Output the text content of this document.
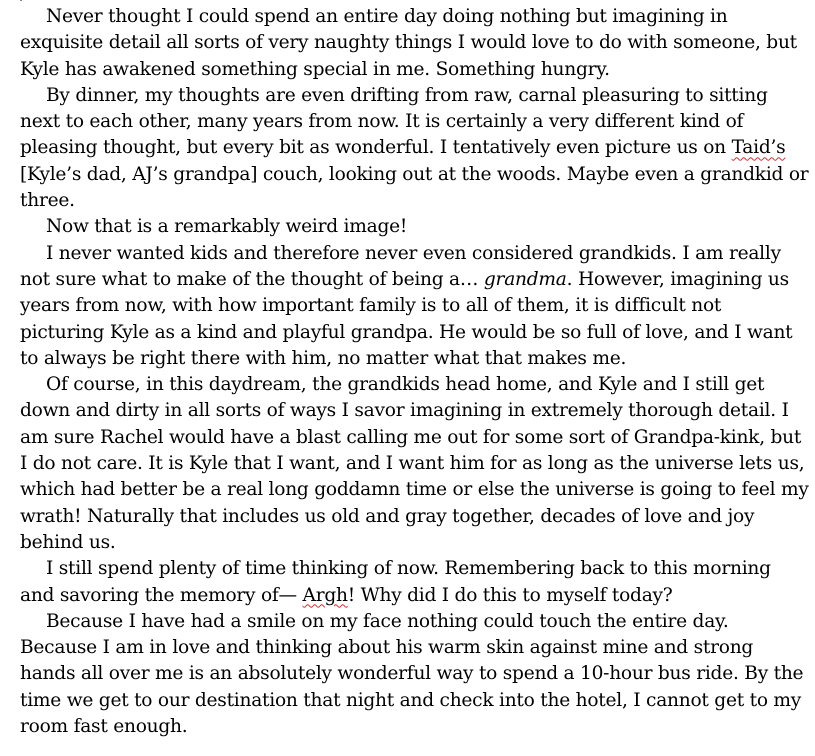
Never thought I could spend an entire day doing nothing but imagining in exquisite detail all sorts of very naughty things I would love to do with someone, but Kyle has awakened something special in me. Something hungry.

By dinner, my thoughts are even drifting from raw, carnal pleasuring to sitting next to each other, many years from now. It is certainly a very different kind of pleasing thought, but every bit as wonderful. I tentatively even picture us on Taid’s [Kyle’s dad, AJ’s grandpa] couch, looking out at the woods. Maybe even a grandkid or three.

Now that is a remarkably weird image!

I never wanted kids and therefore never even considered grandkids. I am really not sure what to make of the thought of being a… grandma. However, imagining us years from now, with how important family is to all of them, it is difficult not picturing Kyle as a kind and playful grandpa. He would be so full of love, and I want to always be right there with him, no matter what that makes me.

Of course, in this daydream, the grandkids head home, and Kyle and I still get down and dirty in all sorts of ways I savor imagining in extremely thorough detail. I am sure Rachel would have a blast calling me out for some sort of Grandpa-kink, but I do not care. It is Kyle that I want, and I want him for as long as the universe lets us, which had better be a real long goddamn time or else the universe is going to feel my wrath! Naturally that includes us old and gray together, decades of love and joy behind us.

I still spend plenty of time thinking of now. Remembering back to this morning and savoring the memory of— Argh! Why did I do this to myself today?

Because I have had a smile on my face nothing could touch the entire day. Because I am in love and thinking about his warm skin against mine and strong hands all over me is an absolutely wonderful way to spend a 10-hour bus ride. By the time we get to our destination that night and check into the hotel, I cannot get to my room fast enough.
